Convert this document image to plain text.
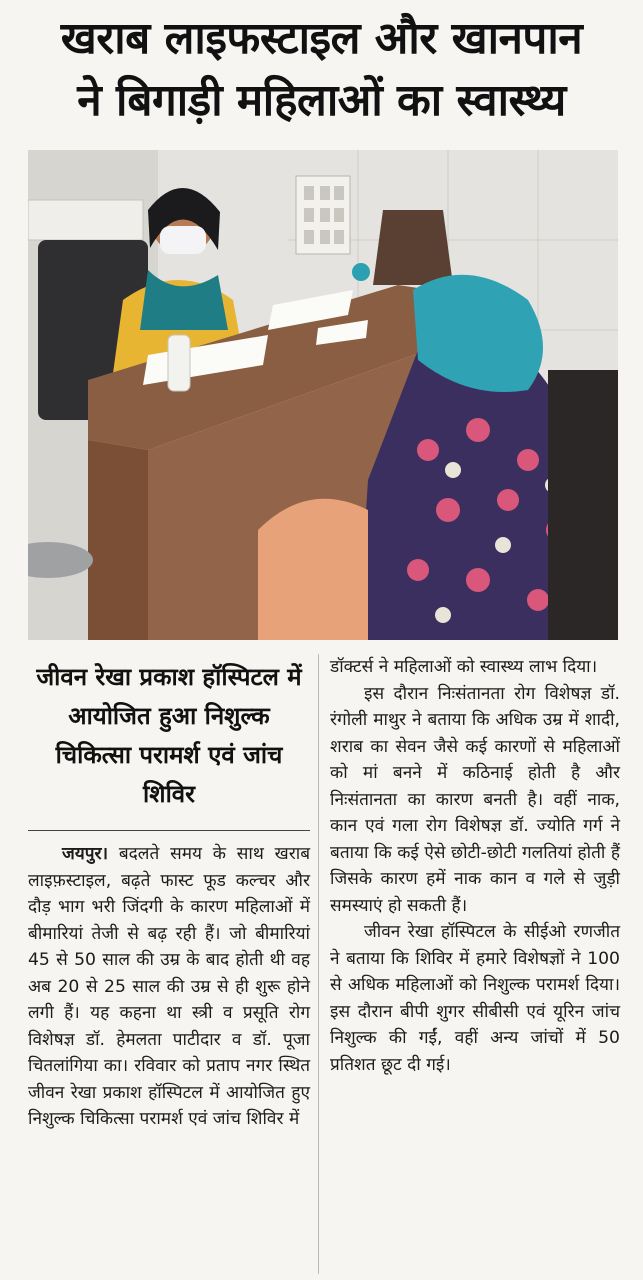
खराब लाइफस्टाइल और खानपान
ने बिगाड़ी महिलाओं का स्वास्थ्य
जीवन रेखा प्रकाश हॉस्पिटल में आयोजित हुआ निशुल्क चिकित्सा परामर्श एवं जांच शिविर

जयपुर। बदलते समय के साथ खराब लाइफ़स्टाइल, बढ़ते फास्ट फूड कल्चर और दौड़ भाग भरी जिंदगी के कारण महिलाओं में बीमारियां तेजी से बढ़ रही हैं। जो बीमारियां 45 से 50 साल की उम्र के बाद होती थी वह अब 20 से 25 साल की उम्र से ही शुरू होने लगी हैं। यह कहना था स्त्री व प्रसूति रोग विशेषज्ञ डॉ. हेमलता पाटीदार व डॉ. पूजा चितलांगिया का। रविवार को प्रताप नगर स्थित जीवन रेखा प्रकाश हॉस्पिटल में आयोजित हुए निशुल्क चिकित्सा परामर्श एवं जांच शिविर में

डॉक्टर्स ने महिलाओं को स्वास्थ्य लाभ दिया।

इस दौरान निःसंतानता रोग विशेषज्ञ डॉ. रंगोली माथुर ने बताया कि अधिक उम्र में शादी, शराब का सेवन जैसे कई कारणों से महिलाओं को मां बनने में कठिनाई होती है और निःसंतानता का कारण बनती है। वहीं नाक, कान एवं गला रोग विशेषज्ञ डॉ. ज्योति गर्ग ने बताया कि कई ऐसे छोटी-छोटी गलतियां होती हैं जिसके कारण हमें नाक कान व गले से जुड़ी समस्याएं हो सकती हैं।

जीवन रेखा हॉस्पिटल के सीईओ रणजीत ने बताया कि शिविर में हमारे विशेषज्ञों ने 100 से अधिक महिलाओं को निशुल्क परामर्श दिया। इस दौरान बीपी शुगर सीबीसी एवं यूरिन जांच निशुल्क की गईं, वहीं अन्य जांचों में 50 प्रतिशत छूट दी गई।
